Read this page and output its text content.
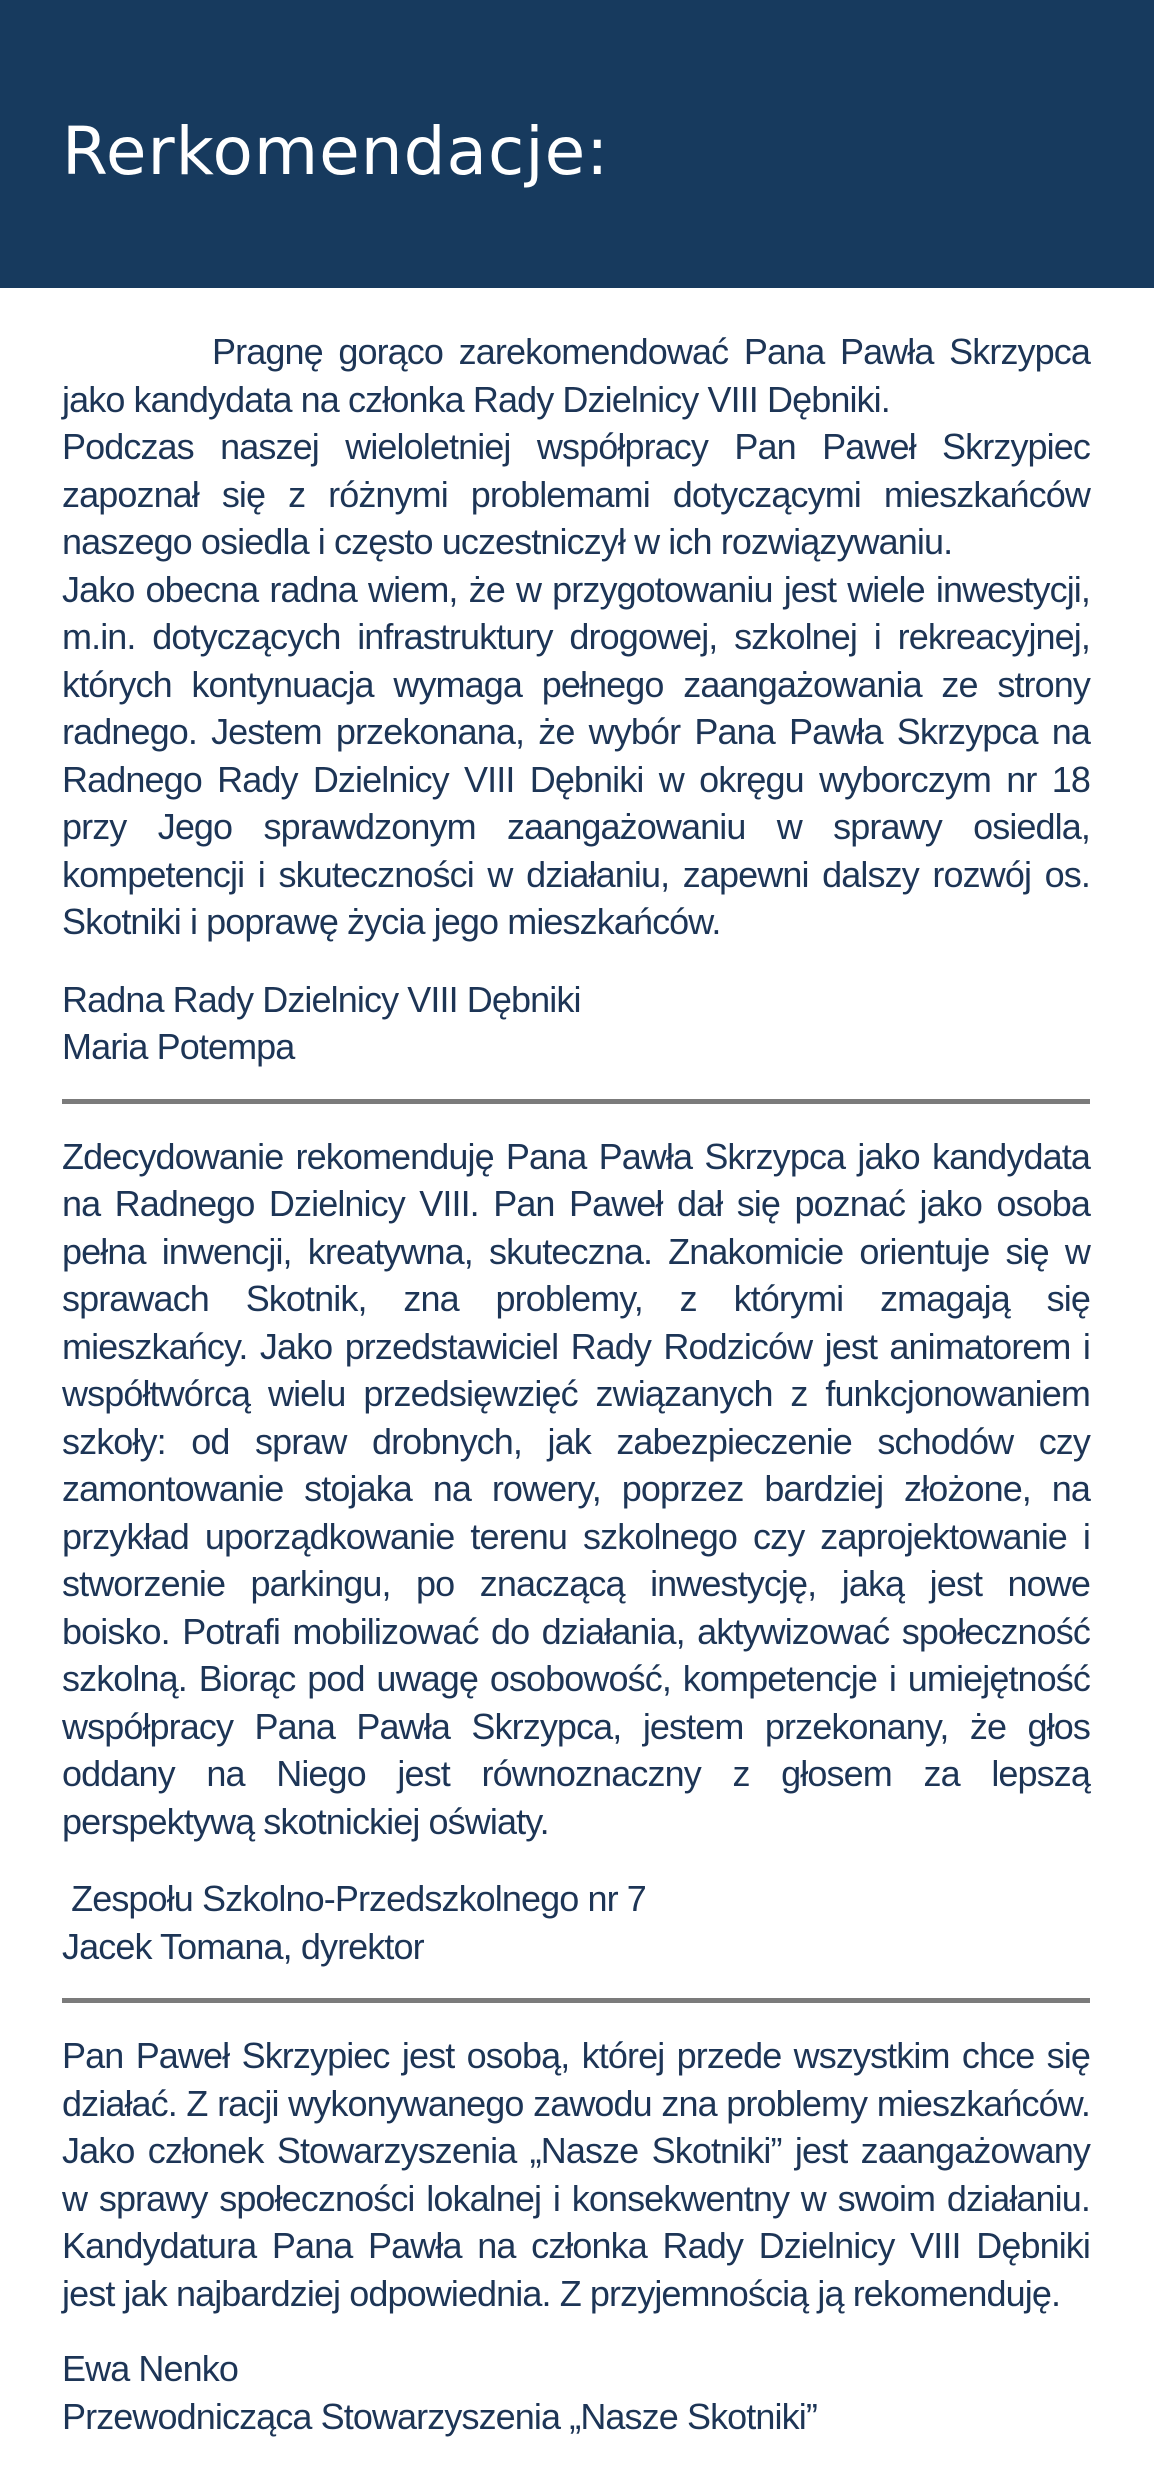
Rerkomendacje:

Pragnę gorąco zarekomendować Pana Pawła Skrzypca jako kandydata na członka Rady Dzielnicy VIII Dębniki.

Podczas naszej wieloletniej współpracy Pan Paweł Skrzypiec zapoznał się z różnymi problemami dotyczącymi mieszkańców naszego osiedla i często uczestniczył w ich rozwiązywaniu.

Jako obecna radna wiem, że w przygotowaniu jest wiele inwestycji, m.in. dotyczących infrastruktury drogowej, szkolnej i rekreacyjnej, których kontynuacja wymaga pełnego zaangażowania ze strony radnego. Jestem przekonana, że wybór Pana Pawła Skrzypca na Radnego Rady Dzielnicy VIII Dębniki w okręgu wyborczym nr 18 przy Jego sprawdzonym zaangażowaniu w sprawy osiedla, kompetencji i skuteczności w działaniu, zapewni dalszy rozwój os. Skotniki i poprawę życia jego mieszkańców.

Radna Rady Dzielnicy VIII Dębniki
Maria Potempa

Zdecydowanie rekomenduję Pana Pawła Skrzypca jako kandydata na Radnego Dzielnicy VIII. Pan Paweł dał się poznać jako osoba pełna inwencji, kreatywna, skuteczna. Znakomicie orientuje się w sprawach Skotnik, zna problemy, z którymi zmagają się mieszkańcy. Jako przedstawiciel Rady Rodziców jest animatorem i współtwórcą wielu przedsięwzięć związanych z funkcjonowaniem szkoły: od spraw drobnych, jak zabezpieczenie schodów czy zamontowanie stojaka na rowery, poprzez bardziej złożone, na przykład uporządkowanie terenu szkolnego czy zaprojektowanie i stworzenie parkingu, po znaczącą inwestycję, jaką jest nowe boisko. Potrafi mobilizować do działania, aktywizować społeczność szkolną. Biorąc pod uwagę osobowość, kompetencje i umiejętność współpracy Pana Pawła Skrzypca, jestem przekonany, że głos oddany na Niego jest równoznaczny z głosem za lepszą perspektywą skotnickiej oświaty.

Zespołu Szkolno-Przedszkolnego nr 7
Jacek Tomana, dyrektor

Pan Paweł Skrzypiec jest osobą, której przede wszystkim chce się działać. Z racji wykonywanego zawodu zna problemy mieszkańców. Jako członek Stowarzyszenia „Nasze Skotniki” jest zaangażowany w sprawy społeczności lokalnej i konsekwentny w swoim działaniu. Kandydatura Pana Pawła na członka Rady Dzielnicy VIII Dębniki jest jak najbardziej odpowiednia. Z przyjemnością ją rekomenduję.

Ewa Nenko
Przewodnicząca Stowarzyszenia „Nasze Skotniki”
